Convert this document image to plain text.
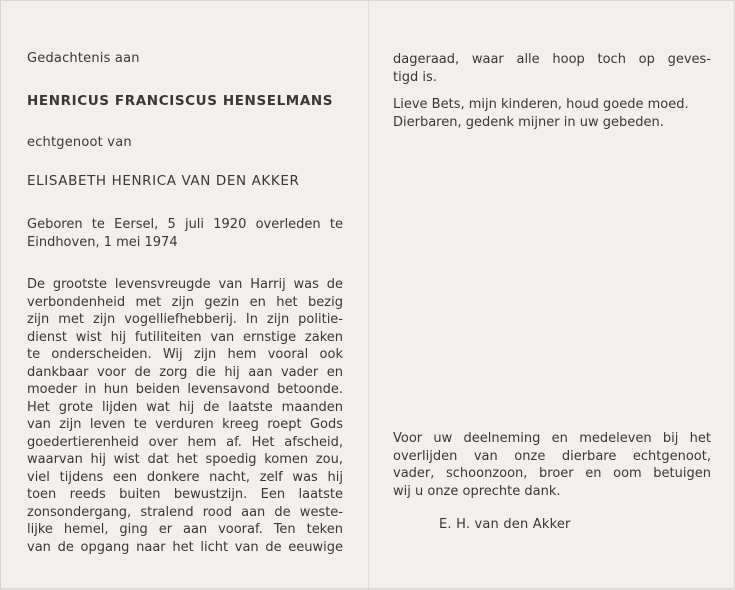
Gedachtenis aan
HENRICUS FRANCISCUS HENSELMANS
echtgenoot van
ELISABETH HENRICA VAN DEN AKKER
Geboren te Eersel, 5 juli 1920 overleden te
Eindhoven, 1 mei 1974
De grootste levensvreugde van Harrij was de
verbondenheid met zijn gezin en het bezig
zijn met zijn vogelliefhebberij. In zijn politie-
dienst wist hij futiliteiten van ernstige zaken
te onderscheiden. Wij zijn hem vooral ook
dankbaar voor de zorg die hij aan vader en
moeder in hun beiden levensavond betoonde.
Het grote lijden wat hij de laatste maanden
van zijn leven te verduren kreeg roept Gods
goedertierenheid over hem af. Het afscheid,
waarvan hij wist dat het spoedig komen zou,
viel tijdens een donkere nacht, zelf was hij
toen reeds buiten bewustzijn. Een laatste
zonsondergang, stralend rood aan de weste-
lijke hemel, ging er aan vooraf. Ten teken
van de opgang naar het licht van de eeuwige
dageraad, waar alle hoop toch op geves-
tigd is.
Lieve Bets, mijn kinderen, houd goede moed.
Dierbaren, gedenk mijner in uw gebeden.
Voor uw deelneming en medeleven bij het
overlijden van onze dierbare echtgenoot,
vader, schoonzoon, broer en oom betuigen
wij u onze oprechte dank.
E. H. van den Akker
